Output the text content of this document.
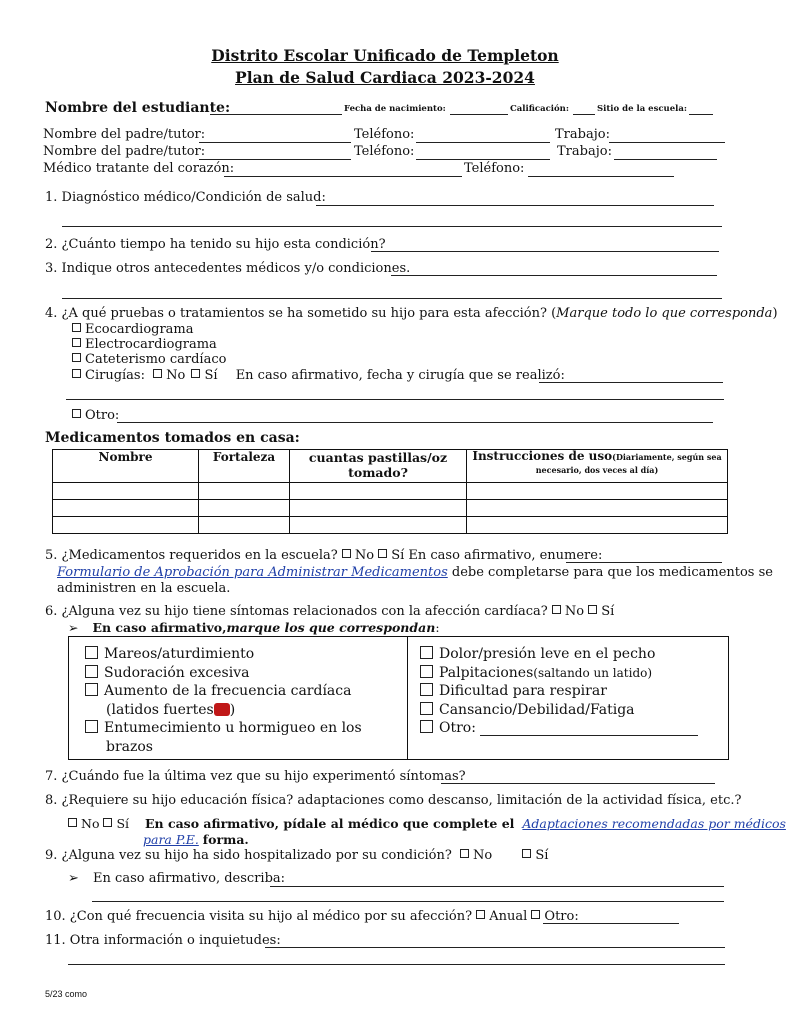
Distrito Escolar Unificado de Templeton
Plan de Salud Cardiaca 2023-2024
Nombre del estudiante:	Fecha de nacimiento:	Calificación:	Sitio de la escuela:
Nombre del padre/tutor:	Teléfono:	Trabajo:
Nombre del padre/tutor:	Teléfono:	Trabajo:
Médico tratante del corazón:	Teléfono:
1. Diagnóstico médico/Condición de salud:
2. ¿Cuánto tiempo ha tenido su hijo esta condición?
3. Indique otros antecedentes médicos y/o condiciones.
4. ¿A qué pruebas o tratamientos se ha sometido su hijo para esta afección? (Marque todo lo que corresponda)
Ecocardiograma
Electrocardiograma
Cateterismo cardíaco
Cirugías: No Sí En caso afirmativo, fecha y cirugía que se realizó:
Otro:
Medicamentos tomados en casa:
Nombre	Fortaleza	cuantas pastillas/oz tomado?	Instrucciones de uso(Diariamente, según sea necesario, dos veces al día)

5. ¿Medicamentos requeridos en la escuela? No Sí En caso afirmativo, enumere:
Formulario de Aprobación para Administrar Medicamentos debe completarse para que los medicamentos se
administren en la escuela.
6. ¿Alguna vez su hijo tiene síntomas relacionados con la afección cardíaca? No Sí
➢ En caso afirmativo,marque los que correspondan:
Mareos/aturdimiento
Sudoración excesiva
Aumento de la frecuencia cardíaca
(latidos fuertes )
Entumecimiento u hormigueo en los
brazos
Dolor/presión leve en el pecho
Palpitaciones(saltando un latido)
Dificultad para respirar
Cansancio/Debilidad/Fatiga
Otro:
7. ¿Cuándo fue la última vez que su hijo experimentó síntomas?
8. ¿Requiere su hijo educación física? adaptaciones como descanso, limitación de la actividad física, etc.?
No Sí En caso afirmativo, pídale al médico que complete el Adaptaciones recomendadas por médicos
para P.E. forma.
9. ¿Alguna vez su hijo ha sido hospitalizado por su condición? No	Sí
➢ En caso afirmativo, describa:
10. ¿Con qué frecuencia visita su hijo al médico por su afección? Anual Otro:
11. Otra información o inquietudes:
5/23 como
